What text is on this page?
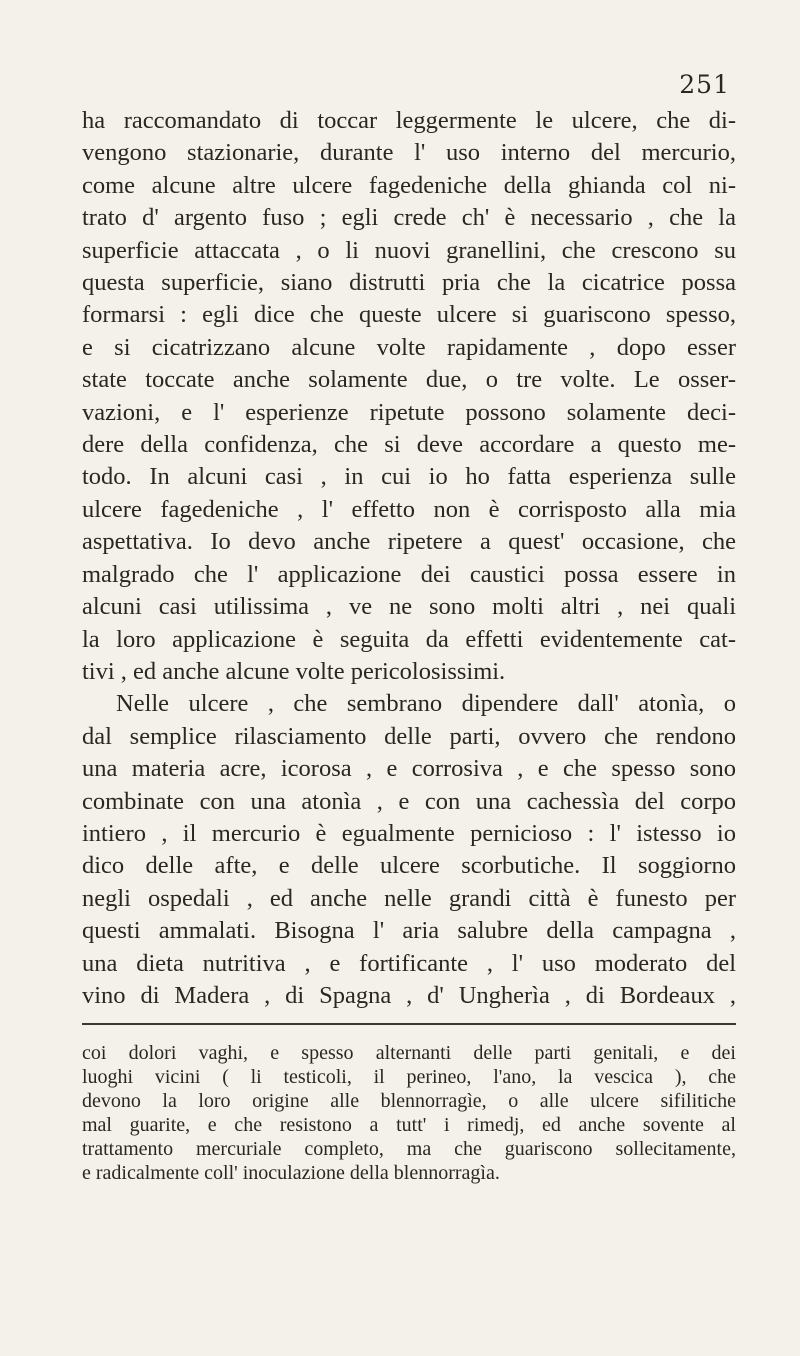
251
ha raccomandato di toccar leggermente le ulcere, che di-
vengono stazionarie, durante l' uso interno del mercurio,
come alcune altre ulcere fagedeniche della ghianda col ni-
trato d' argento fuso ; egli crede ch' è necessario , che la
superficie attaccata , o li nuovi granellini, che crescono su
questa superficie, siano distrutti pria che la cicatrice possa
formarsi : egli dice che queste ulcere si guariscono spesso,
e si cicatrizzano alcune volte rapidamente , dopo esser
state toccate anche solamente due, o tre volte. Le osser-
vazioni, e l' esperienze ripetute possono solamente deci-
dere della confidenza, che si deve accordare a questo me-
todo. In alcuni casi , in cui io ho fatta esperienza sulle
ulcere fagedeniche , l' effetto non è corrisposto alla mia
aspettativa. Io devo anche ripetere a quest' occasione, che
malgrado che l' applicazione dei caustici possa essere in
alcuni casi utilissima , ve ne sono molti altri , nei quali
la loro applicazione è seguita da effetti evidentemente cat-
tivi , ed anche alcune volte pericolosissimi.
Nelle ulcere , che sembrano dipendere dall' atonìa, o
dal semplice rilasciamento delle parti, ovvero che rendono
una materia acre, icorosa , e corrosiva , e che spesso sono
combinate con una atonìa , e con una cachessìa del corpo
intiero , il mercurio è egualmente pernicioso : l' istesso io
dico delle afte, e delle ulcere scorbutiche. Il soggiorno
negli ospedali , ed anche nelle grandi città è funesto per
questi ammalati. Bisogna l' aria salubre della campagna ,
una dieta nutritiva , e fortificante , l' uso moderato del
vino di Madera , di Spagna , d' Ungherìa , di Bordeaux ,
coi dolori vaghi, e spesso alternanti delle parti genitali, e dei
luoghi vicini ( li testicoli, il perineo, l'ano, la vescica ), che
devono la loro origine alle blennorragìe, o alle ulcere sifilitiche
mal guarite, e che resistono a tutt' i rimedj, ed anche sovente al
trattamento mercuriale completo, ma che guariscono sollecitamente,
e radicalmente coll' inoculazione della blennorragìa.
